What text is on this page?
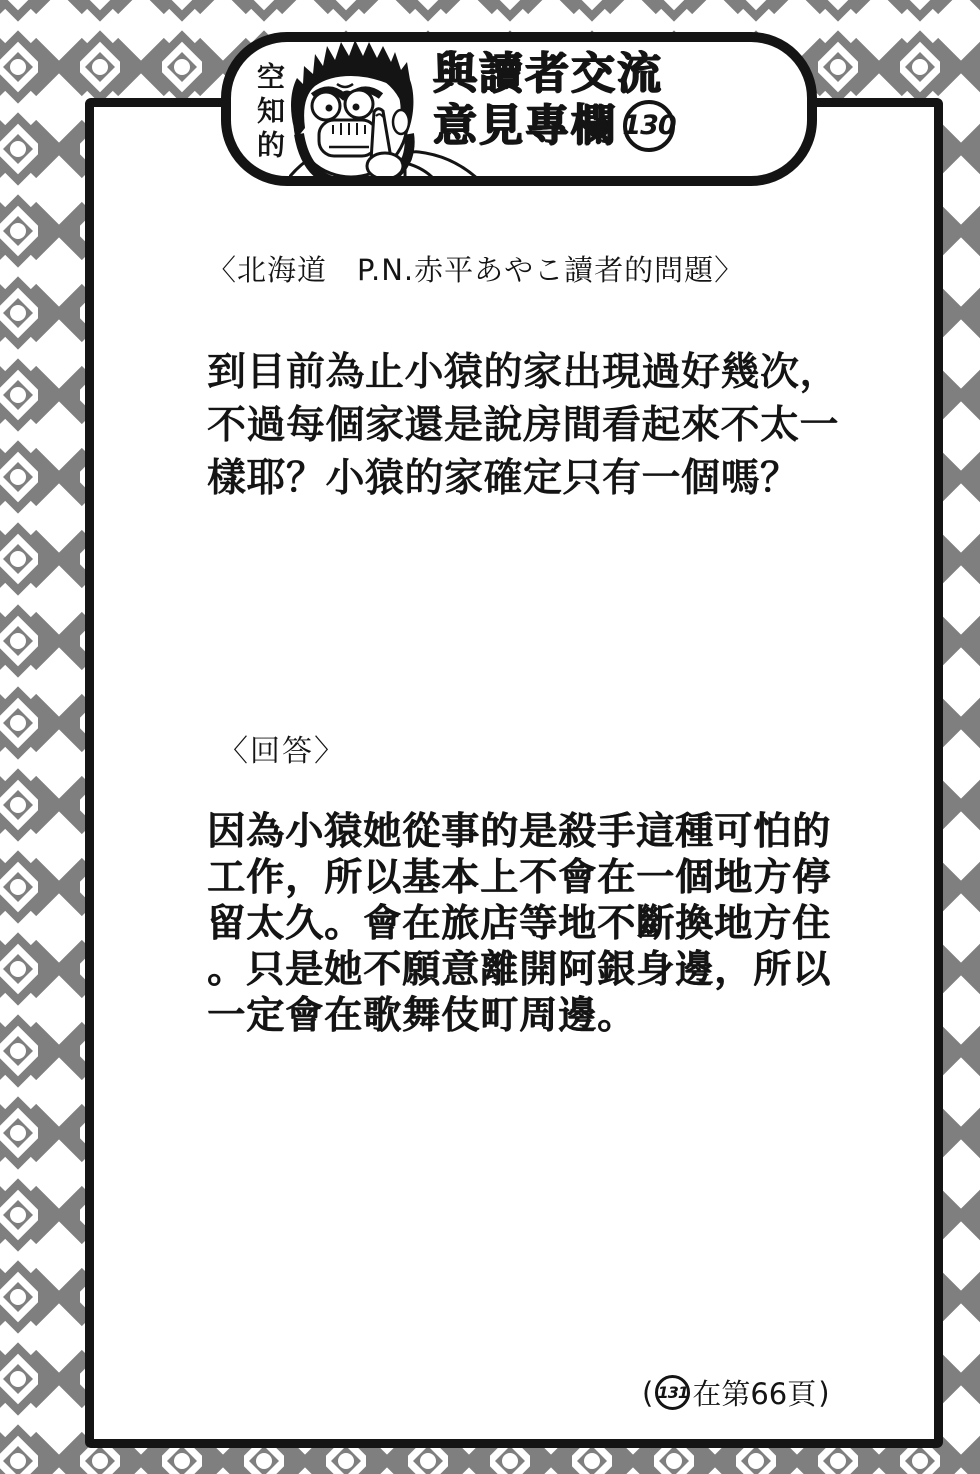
空知的	與讀者交流
意見專欄 130
〈北海道　P.N.赤平あやこ讀者的問題〉
到目前為止小猿的家出現過好幾次，
不過每個家還是說房間看起來不太一
樣耶？小猿的家確定只有一個嗎？
〈回答〉
因為小猿她從事的是殺手這種可怕的
工作，所以基本上不會在一個地方停
留太久。會在旅店等地不斷換地方住
。只是她不願意離開阿銀身邊，所以
一定會在歌舞伎町周邊。
( 131 在第66頁 )
